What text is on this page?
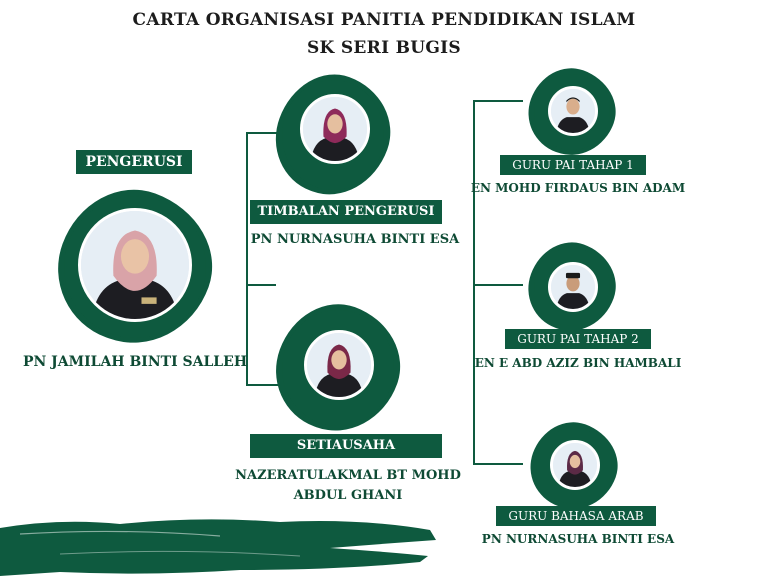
CARTA ORGANISASI PANITIA PENDIDIKAN ISLAM
SK SERI BUGIS
PENGERUSI
PN JAMILAH BINTI SALLEH
TIMBALAN PENGERUSI
PN NURNASUHA BINTI ESA
SETIAUSAHA
NAZERATULAKMAL BT MOHD
ABDUL GHANI
GURU PAI TAHAP 1
EN MOHD FIRDAUS BIN ADAM
GURU PAI TAHAP 2
EN E ABD AZIZ BIN HAMBALI
GURU BAHASA ARAB
PN NURNASUHA BINTI ESA
